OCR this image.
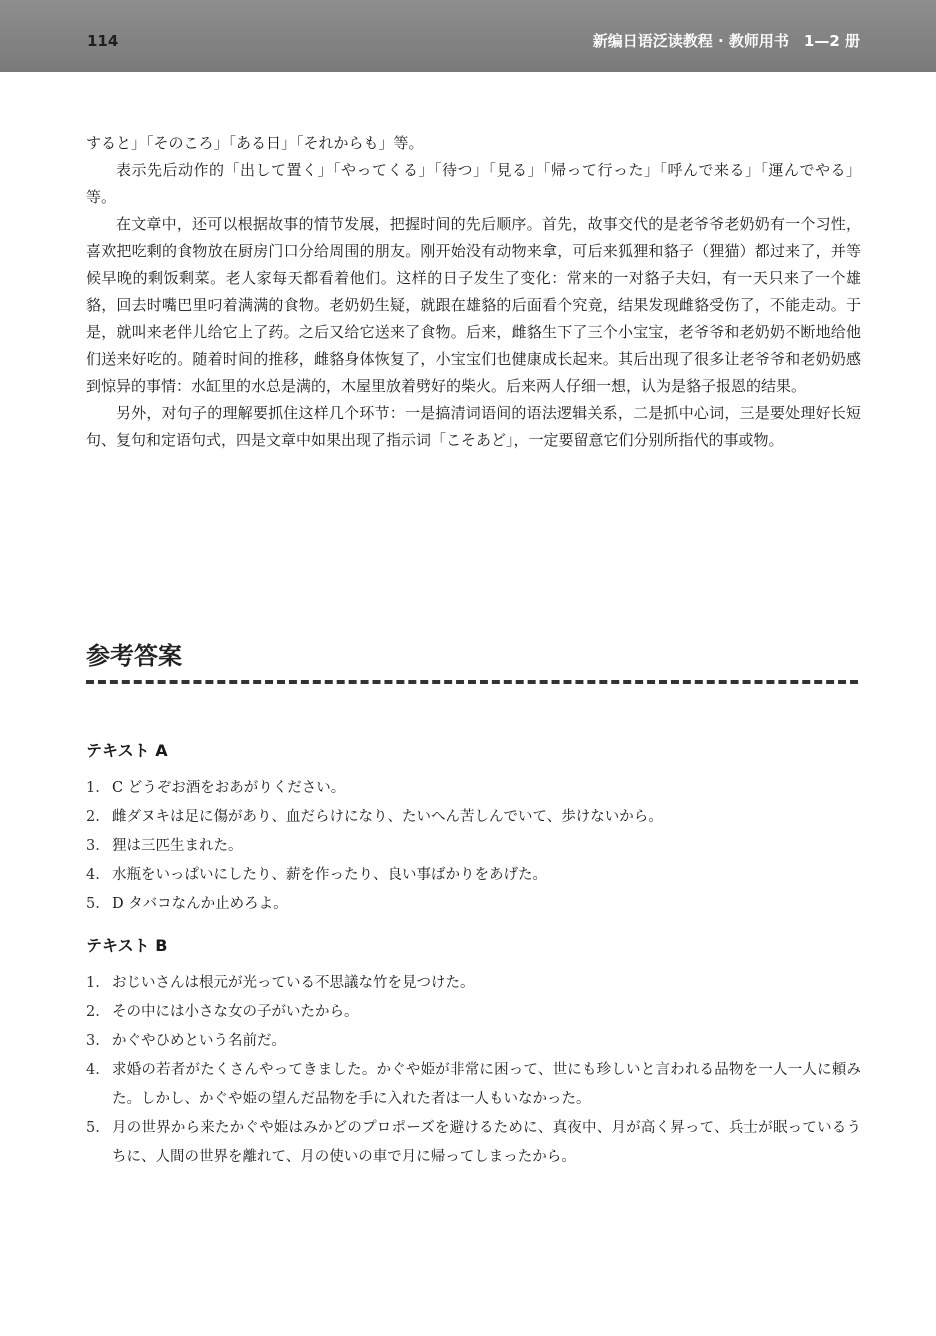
114	新编日语泛读教程 · 教师用书　1—2 册

すると」「そのころ」「ある日」「それからも」等。

表示先后动作的「出して置く」「やってくる」「待つ」「見る」「帰って行った」「呼んで来る」「運んでやる」等。

在文章中，还可以根据故事的情节发展，把握时间的先后顺序。首先，故事交代的是老爷爷老奶奶有一个习性，喜欢把吃剩的食物放在厨房门口分给周围的朋友。刚开始没有动物来拿，可后来狐狸和貉子（狸猫）都过来了，并等候早晚的剩饭剩菜。老人家每天都看着他们。这样的日子发生了变化：常来的一对貉子夫妇，有一天只来了一个雄貉，回去时嘴巴里叼着满满的食物。老奶奶生疑，就跟在雄貉的后面看个究竟，结果发现雌貉受伤了，不能走动。于是，就叫来老伴儿给它上了药。之后又给它送来了食物。后来，雌貉生下了三个小宝宝，老爷爷和老奶奶不断地给他们送来好吃的。随着时间的推移，雌貉身体恢复了，小宝宝们也健康成长起来。其后出现了很多让老爷爷和老奶奶感到惊异的事情：水缸里的水总是满的，木屋里放着劈好的柴火。后来两人仔细一想，认为是貉子报恩的结果。

另外，对句子的理解要抓住这样几个环节：一是搞清词语间的语法逻辑关系，二是抓中心词，三是要处理好长短句、复句和定语句式，四是文章中如果出现了指示词「こそあど」，一定要留意它们分别所指代的事或物。

参考答案
テキスト A
1. C どうぞお酒をおあがりください。
2. 雌ダヌキは足に傷があり、血だらけになり、たいへん苦しんでいて、歩けないから。
3. 狸は三匹生まれた。
4. 水瓶をいっぱいにしたり、薪を作ったり、良い事ばかりをあげた。
5. D タバコなんか止めろよ。
テキスト B
1. おじいさんは根元が光っている不思議な竹を見つけた。
2. その中には小さな女の子がいたから。
3. かぐやひめという名前だ。
4. 求婚の若者がたくさんやってきました。かぐや姫が非常に困って、世にも珍しいと言われる品物を一人一人に頼みた。しかし、かぐや姫の望んだ品物を手に入れた者は一人もいなかった。
5. 月の世界から来たかぐや姫はみかどのプロポーズを避けるために、真夜中、月が高く昇って、兵士が眠っているうちに、人間の世界を離れて、月の使いの車で月に帰ってしまったから。
